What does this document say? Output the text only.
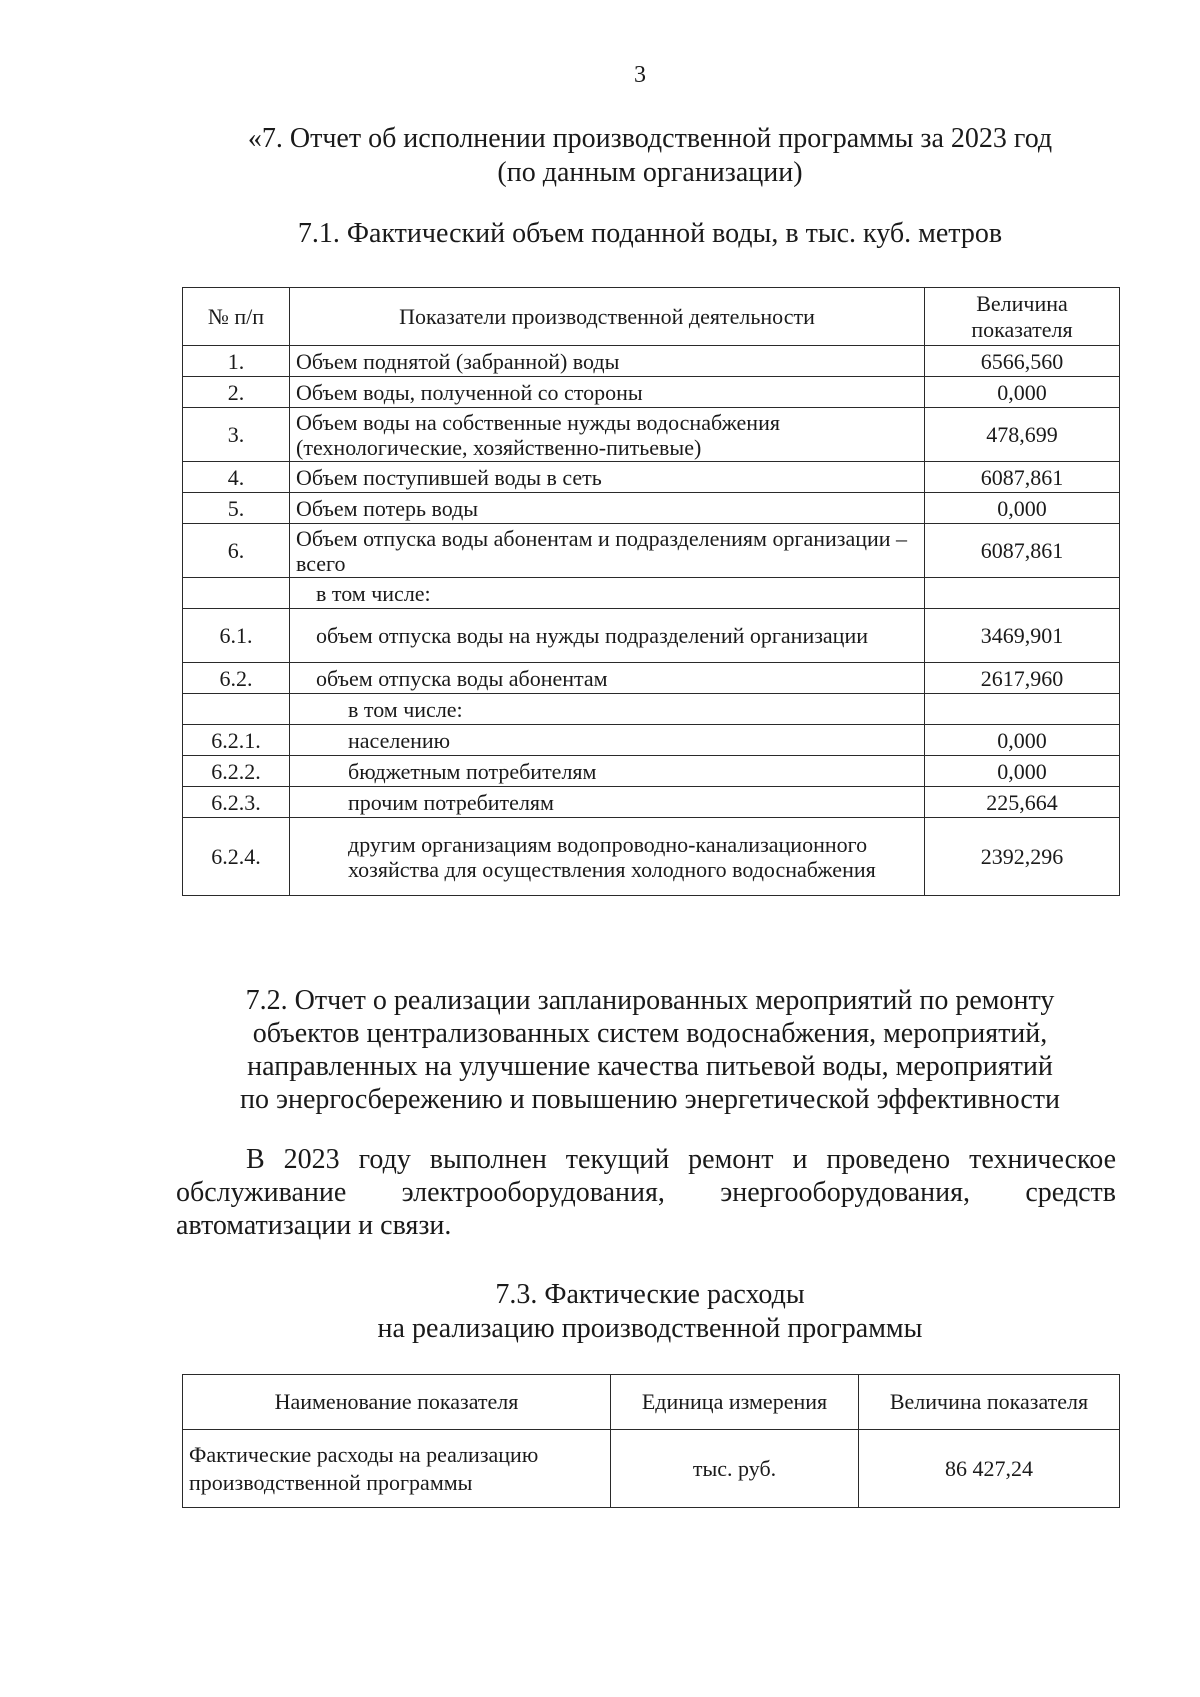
3
«7. Отчет об исполнении производственной программы за 2023 год
(по данным организации)
7.1. Фактический объем поданной воды, в тыс. куб. метров
№ п/п	Показатели производственной деятельности	Величина показателя
1.	Объем поднятой (забранной) воды	6566,560
2.	Объем воды, полученной со стороны	0,000
3.	Объем воды на собственные нужды водоснабжения (технологические, хозяйственно-питьевые)	478,699
4.	Объем поступившей воды в сеть	6087,861
5.	Объем потерь воды	0,000
6.	Объем отпуска воды абонентам и подразделениям организации – всего	6087,861
	в том числе:	
6.1.	объем отпуска воды на нужды подразделений организации	3469,901
6.2.	объем отпуска воды абонентам	2617,960
	в том числе:	
6.2.1.	населению	0,000
6.2.2.	бюджетным потребителям	0,000
6.2.3.	прочим потребителям	225,664
6.2.4.	другим организациям водопроводно-канализационного хозяйства для осуществления холодного водоснабжения	2392,296
7.2. Отчет о реализации запланированных мероприятий по ремонту
объектов централизованных систем водоснабжения, мероприятий,
направленных на улучшение качества питьевой воды, мероприятий
по энергосбережению и повышению энергетической эффективности
В 2023 году выполнен текущий ремонт и проведено техническое
обслуживание электрооборудования, энергооборудования, средств
автоматизации и связи.
7.3. Фактические расходы
на реализацию производственной программы
Наименование показателя	Единица измерения	Величина показателя
Фактические расходы на реализацию производственной программы	тыс. руб.	86 427,24
